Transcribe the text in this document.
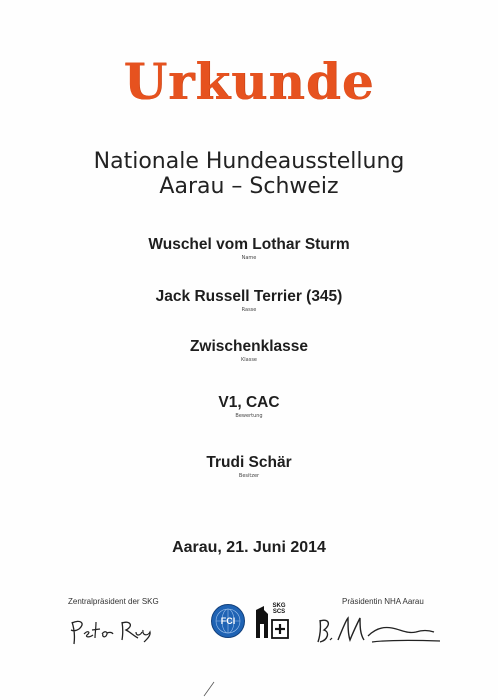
Urkunde
Nationale Hundeausstellung
Aarau – Schweiz
Wuschel vom Lothar Sturm
Name
Jack Russell Terrier (345)
Rasse
Zwischenklasse
Klasse
V1, CAC
Bewertung
Trudi Schär
Besitzer
Aarau, 21. Juni 2014
Zentralpräsident der SKG	Präsidentin NHA Aarau
FCI
SKG
SCS
